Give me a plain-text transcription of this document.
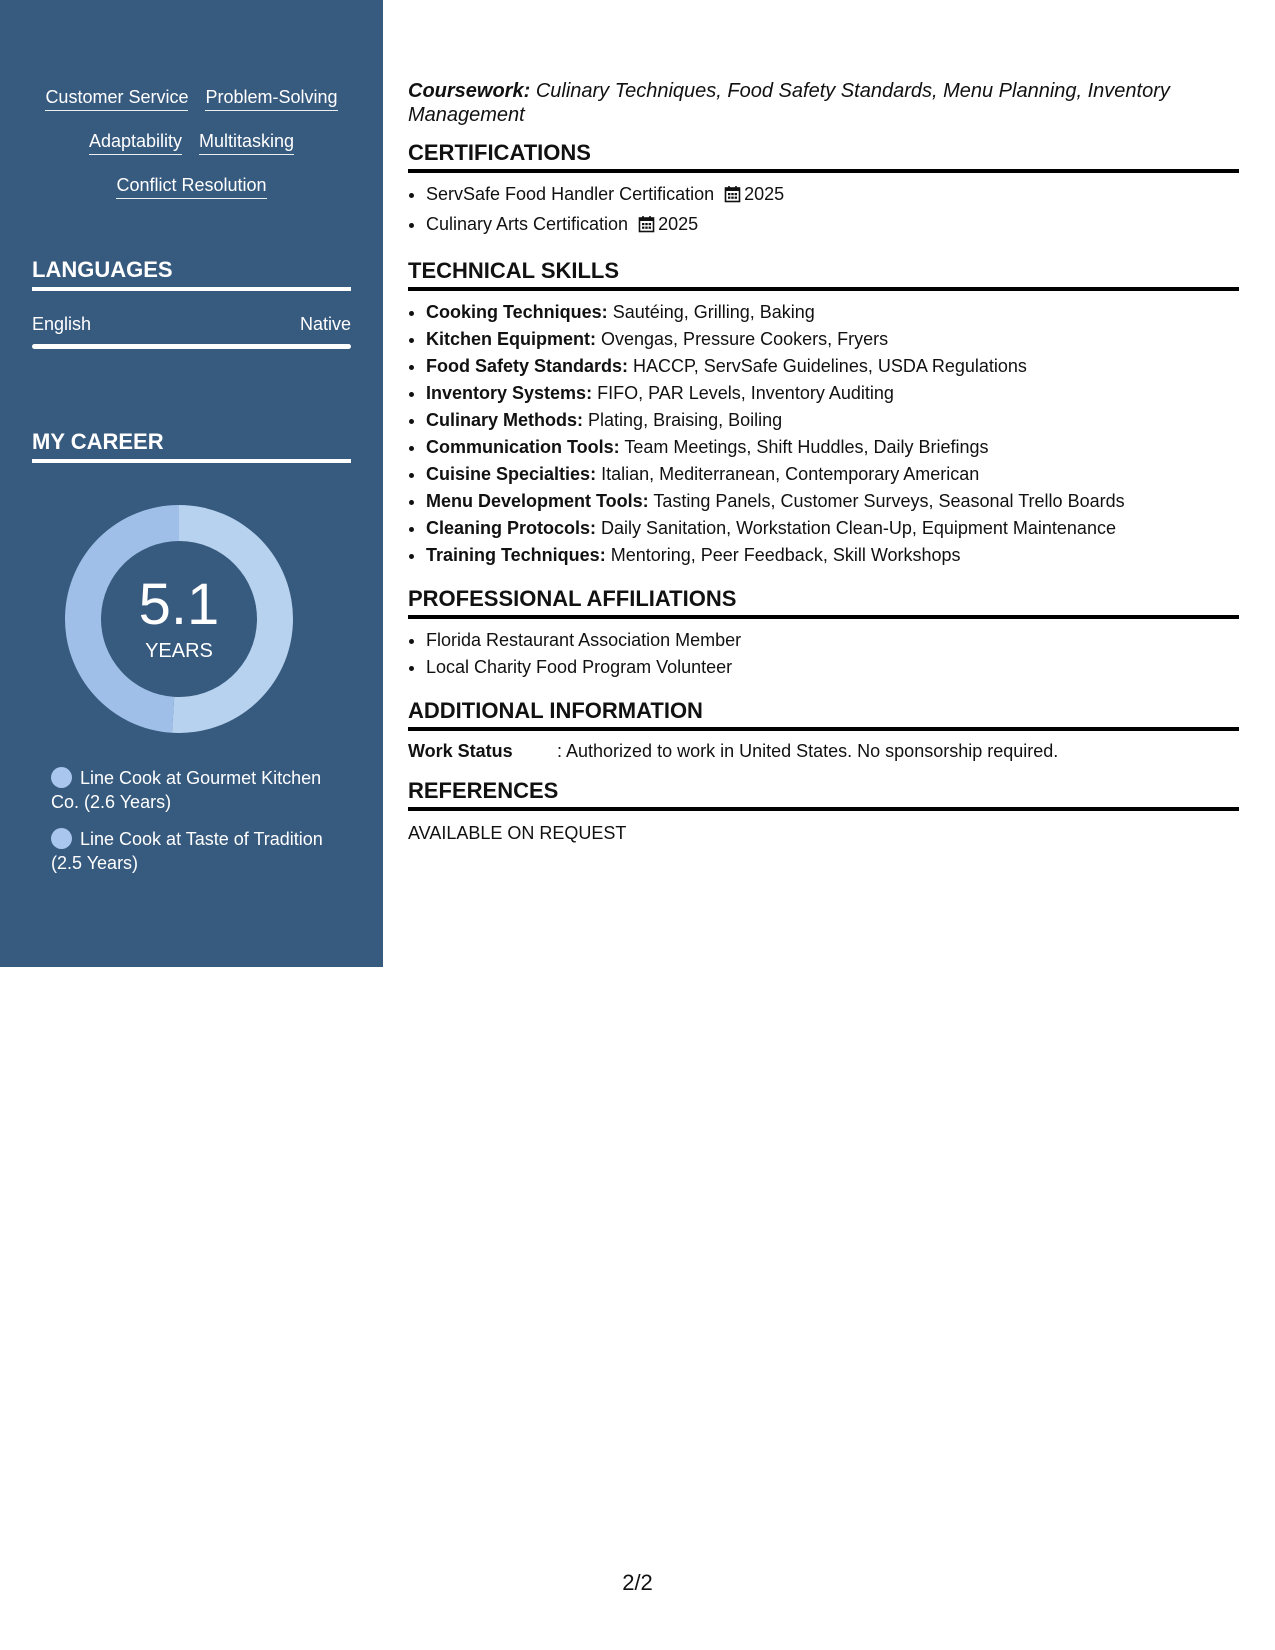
Customer Service Problem-Solving
Adaptability Multitasking
Conflict Resolution
LANGUAGES
English	Native
MY CAREER
5.1
YEARS
Line Cook at Gourmet Kitchen Co. (2.6 Years)
Line Cook at Taste of Tradition (2.5 Years)
Coursework: Culinary Techniques, Food Safety Standards, Menu Planning, Inventory Management
CERTIFICATIONS
• ServSafe Food Handler Certification 2025
• Culinary Arts Certification 2025
TECHNICAL SKILLS
• Cooking Techniques: Sautéing, Grilling, Baking
• Kitchen Equipment: Ovengas, Pressure Cookers, Fryers
• Food Safety Standards: HACCP, ServSafe Guidelines, USDA Regulations
• Inventory Systems: FIFO, PAR Levels, Inventory Auditing
• Culinary Methods: Plating, Braising, Boiling
• Communication Tools: Team Meetings, Shift Huddles, Daily Briefings
• Cuisine Specialties: Italian, Mediterranean, Contemporary American
• Menu Development Tools: Tasting Panels, Customer Surveys, Seasonal Trello Boards
• Cleaning Protocols: Daily Sanitation, Workstation Clean-Up, Equipment Maintenance
• Training Techniques: Mentoring, Peer Feedback, Skill Workshops
PROFESSIONAL AFFILIATIONS
• Florida Restaurant Association Member
• Local Charity Food Program Volunteer
ADDITIONAL INFORMATION
Work Status	: Authorized to work in United States. No sponsorship required.
REFERENCES
AVAILABLE ON REQUEST
2/2
